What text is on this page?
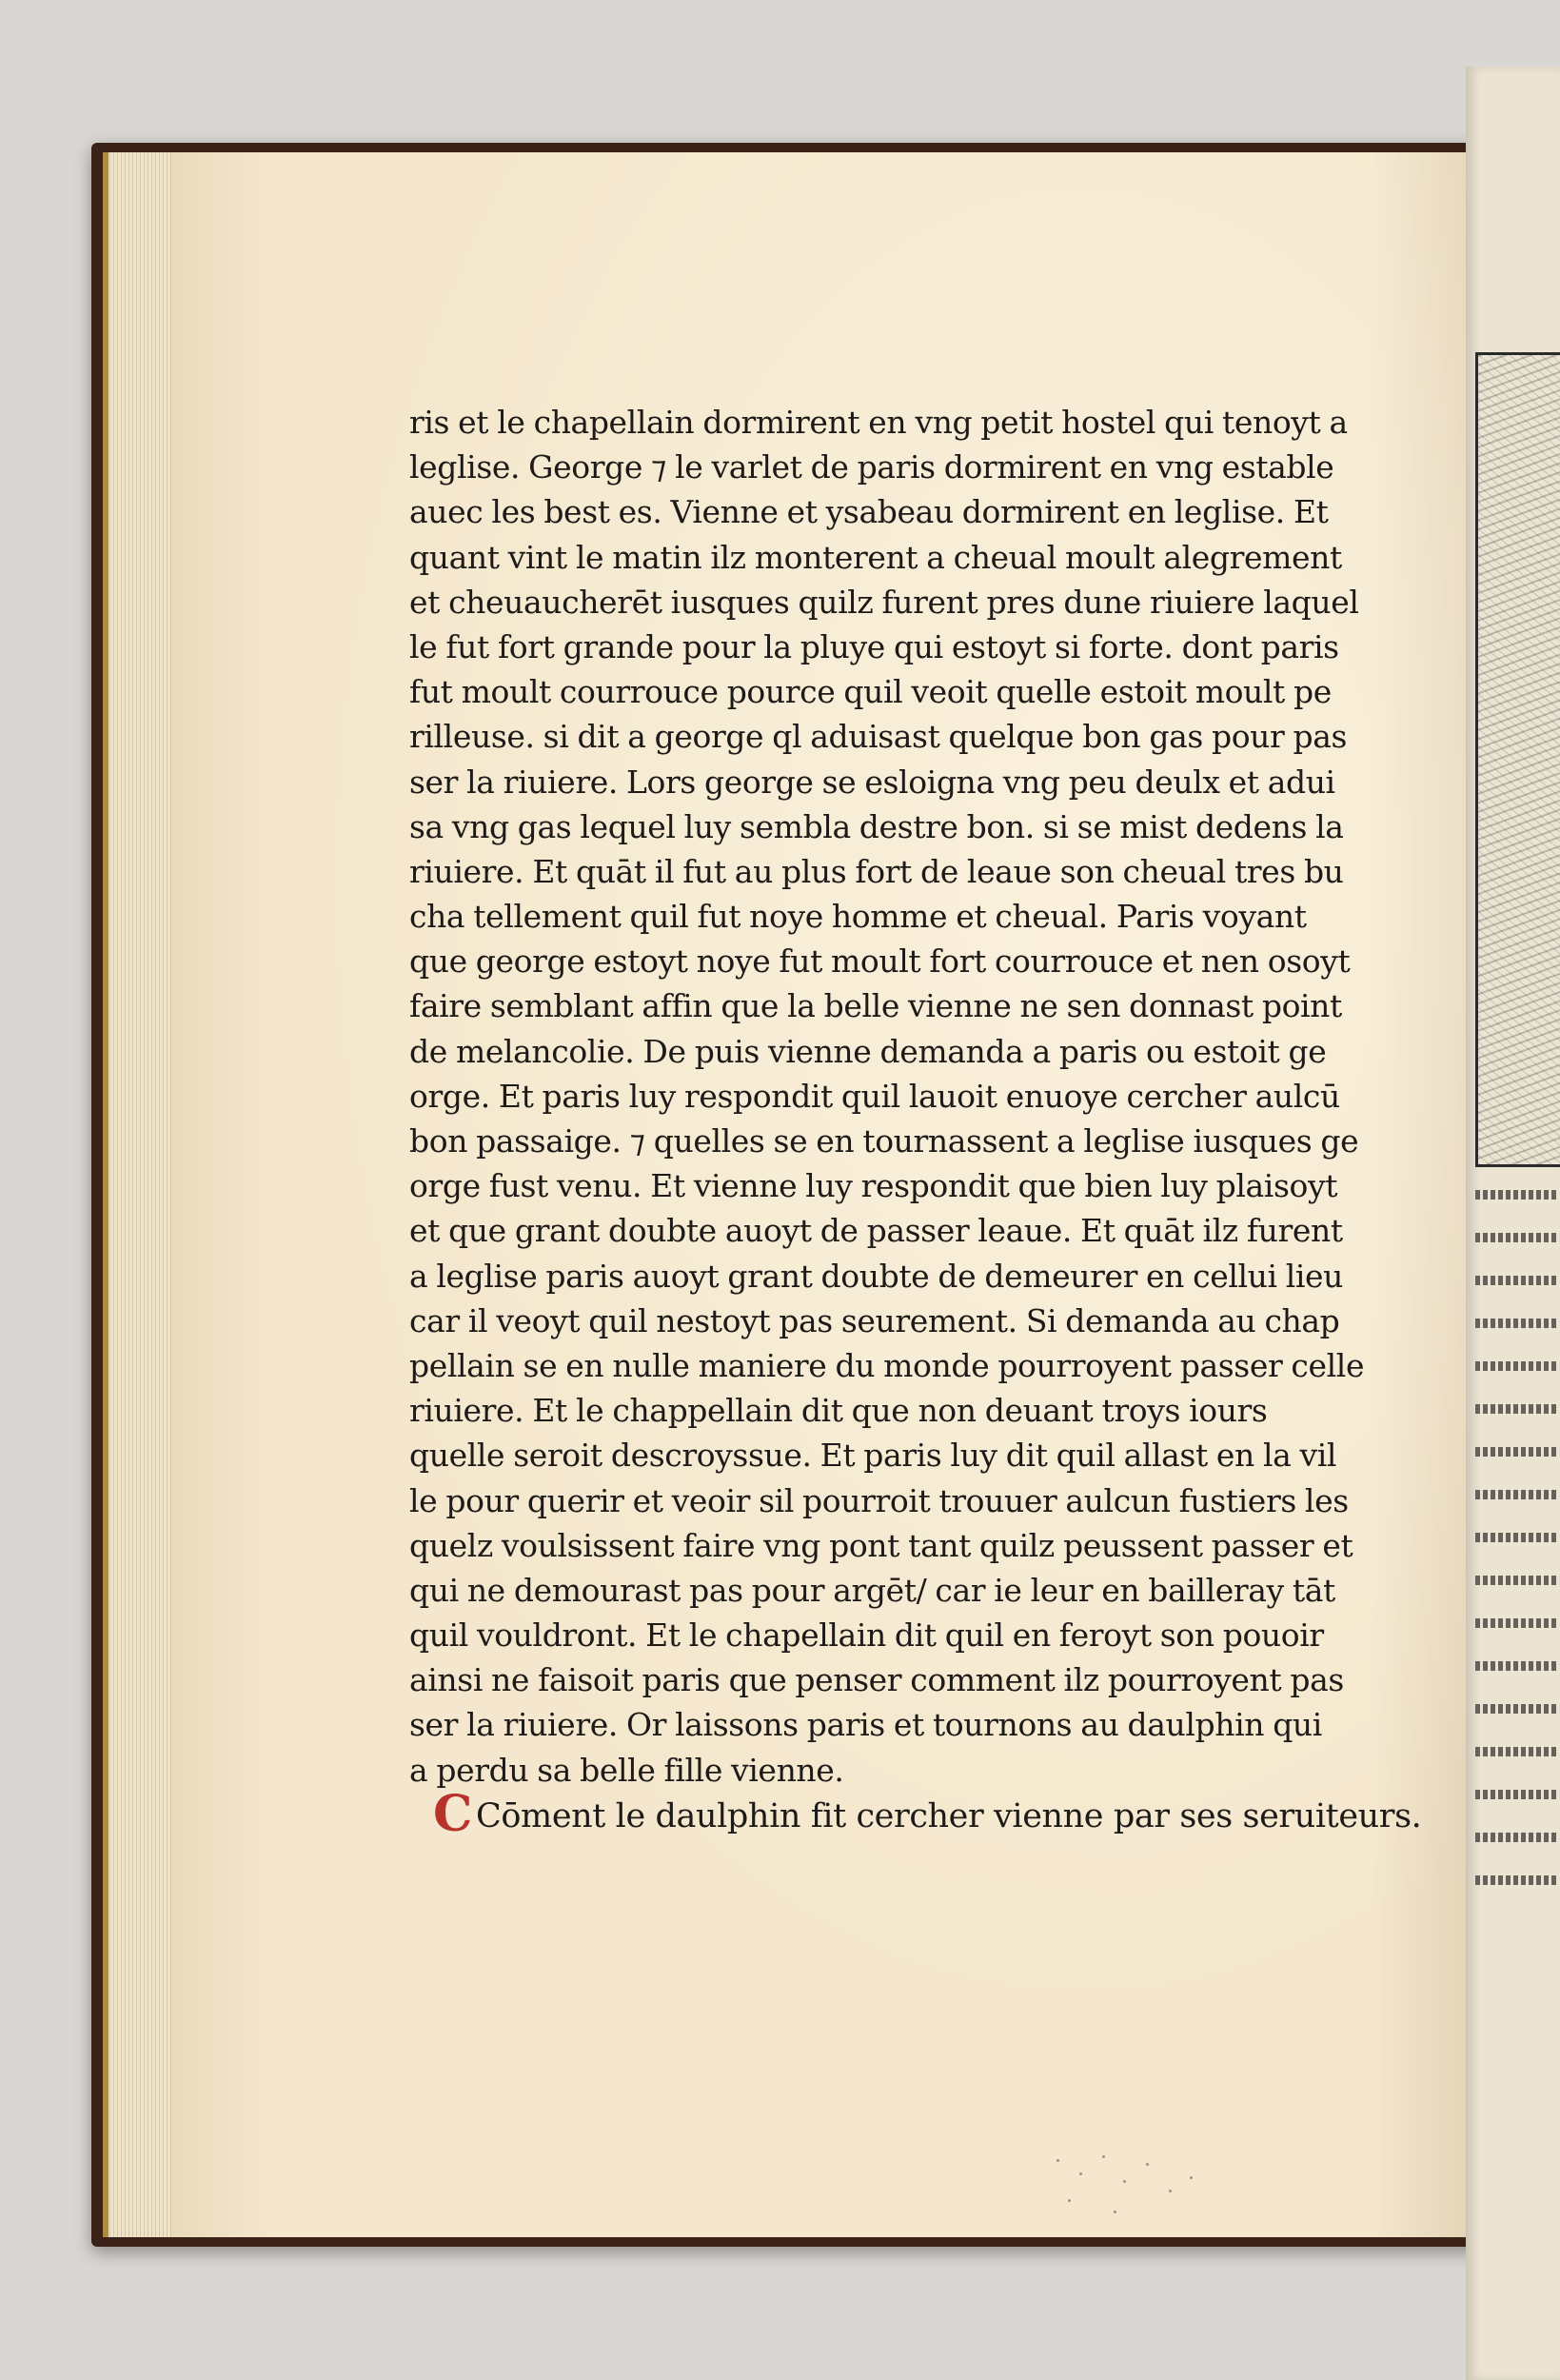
ris et le chapellain dormirent en vng petit hostel qui tenoyt a
leglise. George ⁊ le varlet de paris dormirent en vng estable
auec les best es. Vienne et ysabeau dormirent en leglise. Et
quant vint le matin ilz monterent a cheual moult alegrement
et cheuaucherēt iusques quilz furent pres dune riuiere laquel
le fut fort grande pour la pluye qui estoyt si forte. dont paris
fut moult courrouce pource quil veoit quelle estoit moult pe
rilleuse. si dit a george ql aduisast quelque bon gas pour pas
ser la riuiere. Lors george se esloigna vng peu deulx et adui
sa vng gas lequel luy sembla destre bon. si se mist dedens la
riuiere. Et quāt il fut au plus fort de leaue son cheual tres bu
cha tellement quil fut noye homme et cheual. Paris voyant
que george estoyt noye fut moult fort courrouce et nen osoyt
faire semblant affin que la belle vienne ne sen donnast point
de melancolie. De puis vienne demanda a paris ou estoit ge
orge. Et paris luy respondit quil lauoit enuoye cercher aulcū
bon passaige. ⁊ quelles se en tournassent a leglise iusques ge
orge fust venu. Et vienne luy respondit que bien luy plaisoyt
et que grant doubte auoyt de passer leaue. Et quāt ilz furent
a leglise paris auoyt grant doubte de demeurer en cellui lieu
car il veoyt quil nestoyt pas seurement. Si demanda au chap
pellain se en nulle maniere du monde pourroyent passer celle
riuiere. Et le chappellain dit que non deuant troys iours
quelle seroit descroyssue. Et paris luy dit quil allast en la vil
le pour querir et veoir sil pourroit trouuer aulcun fustiers les
quelz voulsissent faire vng pont tant quilz peussent passer et
qui ne demourast pas pour argēt/ car ie leur en bailleray tāt
quil vouldront. Et le chapellain dit quil en feroyt son pouoir
ainsi ne faisoit paris que penser comment ilz pourroyent pas
ser la riuiere. Or laissons paris et tournons au daulphin qui
a perdu sa belle fille vienne.
C Cōment le daulphin fit cercher vienne par ses seruiteurs.
